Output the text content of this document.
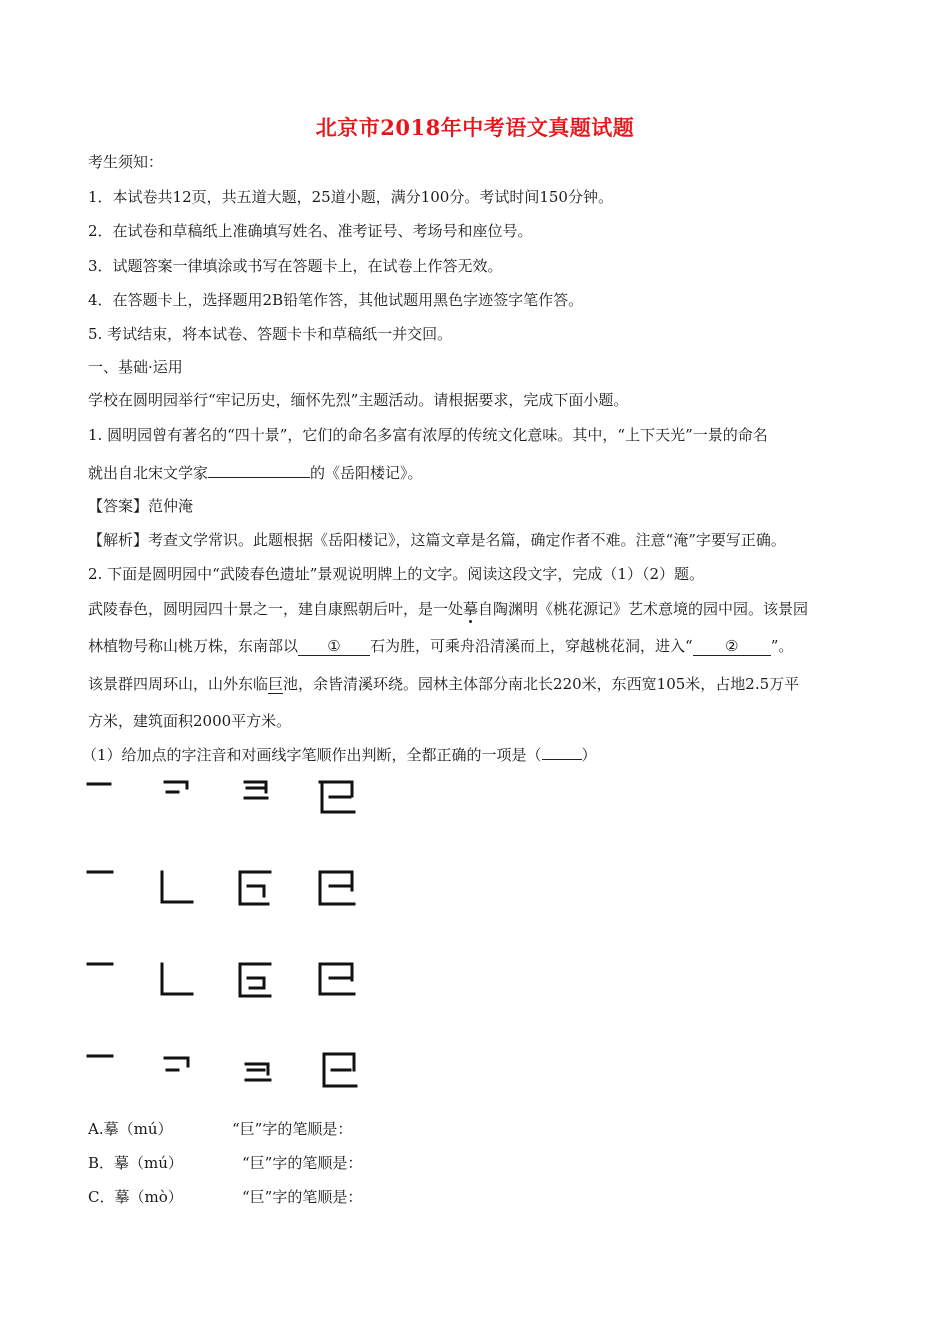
北京市2018年中考语文真题试题
考生须知：
1．本试卷共12页，共五道大题，25道小题，满分100分。考试时间150分钟。
2．在试卷和草稿纸上准确填写姓名、准考证号、考场号和座位号。
3．试题答案一律填涂或书写在答题卡上，在试卷上作答无效。
4．在答题卡上，选择题用2B铅笔作答，其他试题用黑色字迹签字笔作答。
5. 考试结束，将本试卷、答题卡卡和草稿纸一并交回。
一、基础·运用
学校在圆明园举行“牢记历史，缅怀先烈”主题活动。请根据要求，完成下面小题。
1. 圆明园曾有著名的“四十景”，它们的命名多富有浓厚的传统文化意味。其中，“上下天光”一景的命名
就出自北宋文学家	的《岳阳楼记》。
【答案】范仲淹
【解析】考查文学常识。此题根据《岳阳楼记》，这篇文章是名篇，确定作者不难。注意“淹”字要写正确。
2. 下面是圆明园中“武陵春色遗址”景观说明牌上的文字。阅读这段文字，完成（1）（2）题。
武陵春色，圆明园四十景之一，建自康熙朝后叶，是一处摹自陶渊明《桃花源记》艺术意境的园中园。该景园
林植物号称山桃万株，东南部以 ① 石为胜，可乘舟沿清溪而上，穿越桃花洞，进入“ ② ”。
该景群四周环山，山外东临巨池，余皆清溪环绕。园林主体部分南北长220米，东西宽105米，占地2.5万平
方米，建筑面积2000平方米。
（1）给加点的字注音和对画线字笔顺作出判断，全都正确的一项是（	）
A.摹（mú）	“巨”字的笔顺是：
B．摹（mú）	“巨”字的笔顺是：
C．摹（mò）	“巨”字的笔顺是：
